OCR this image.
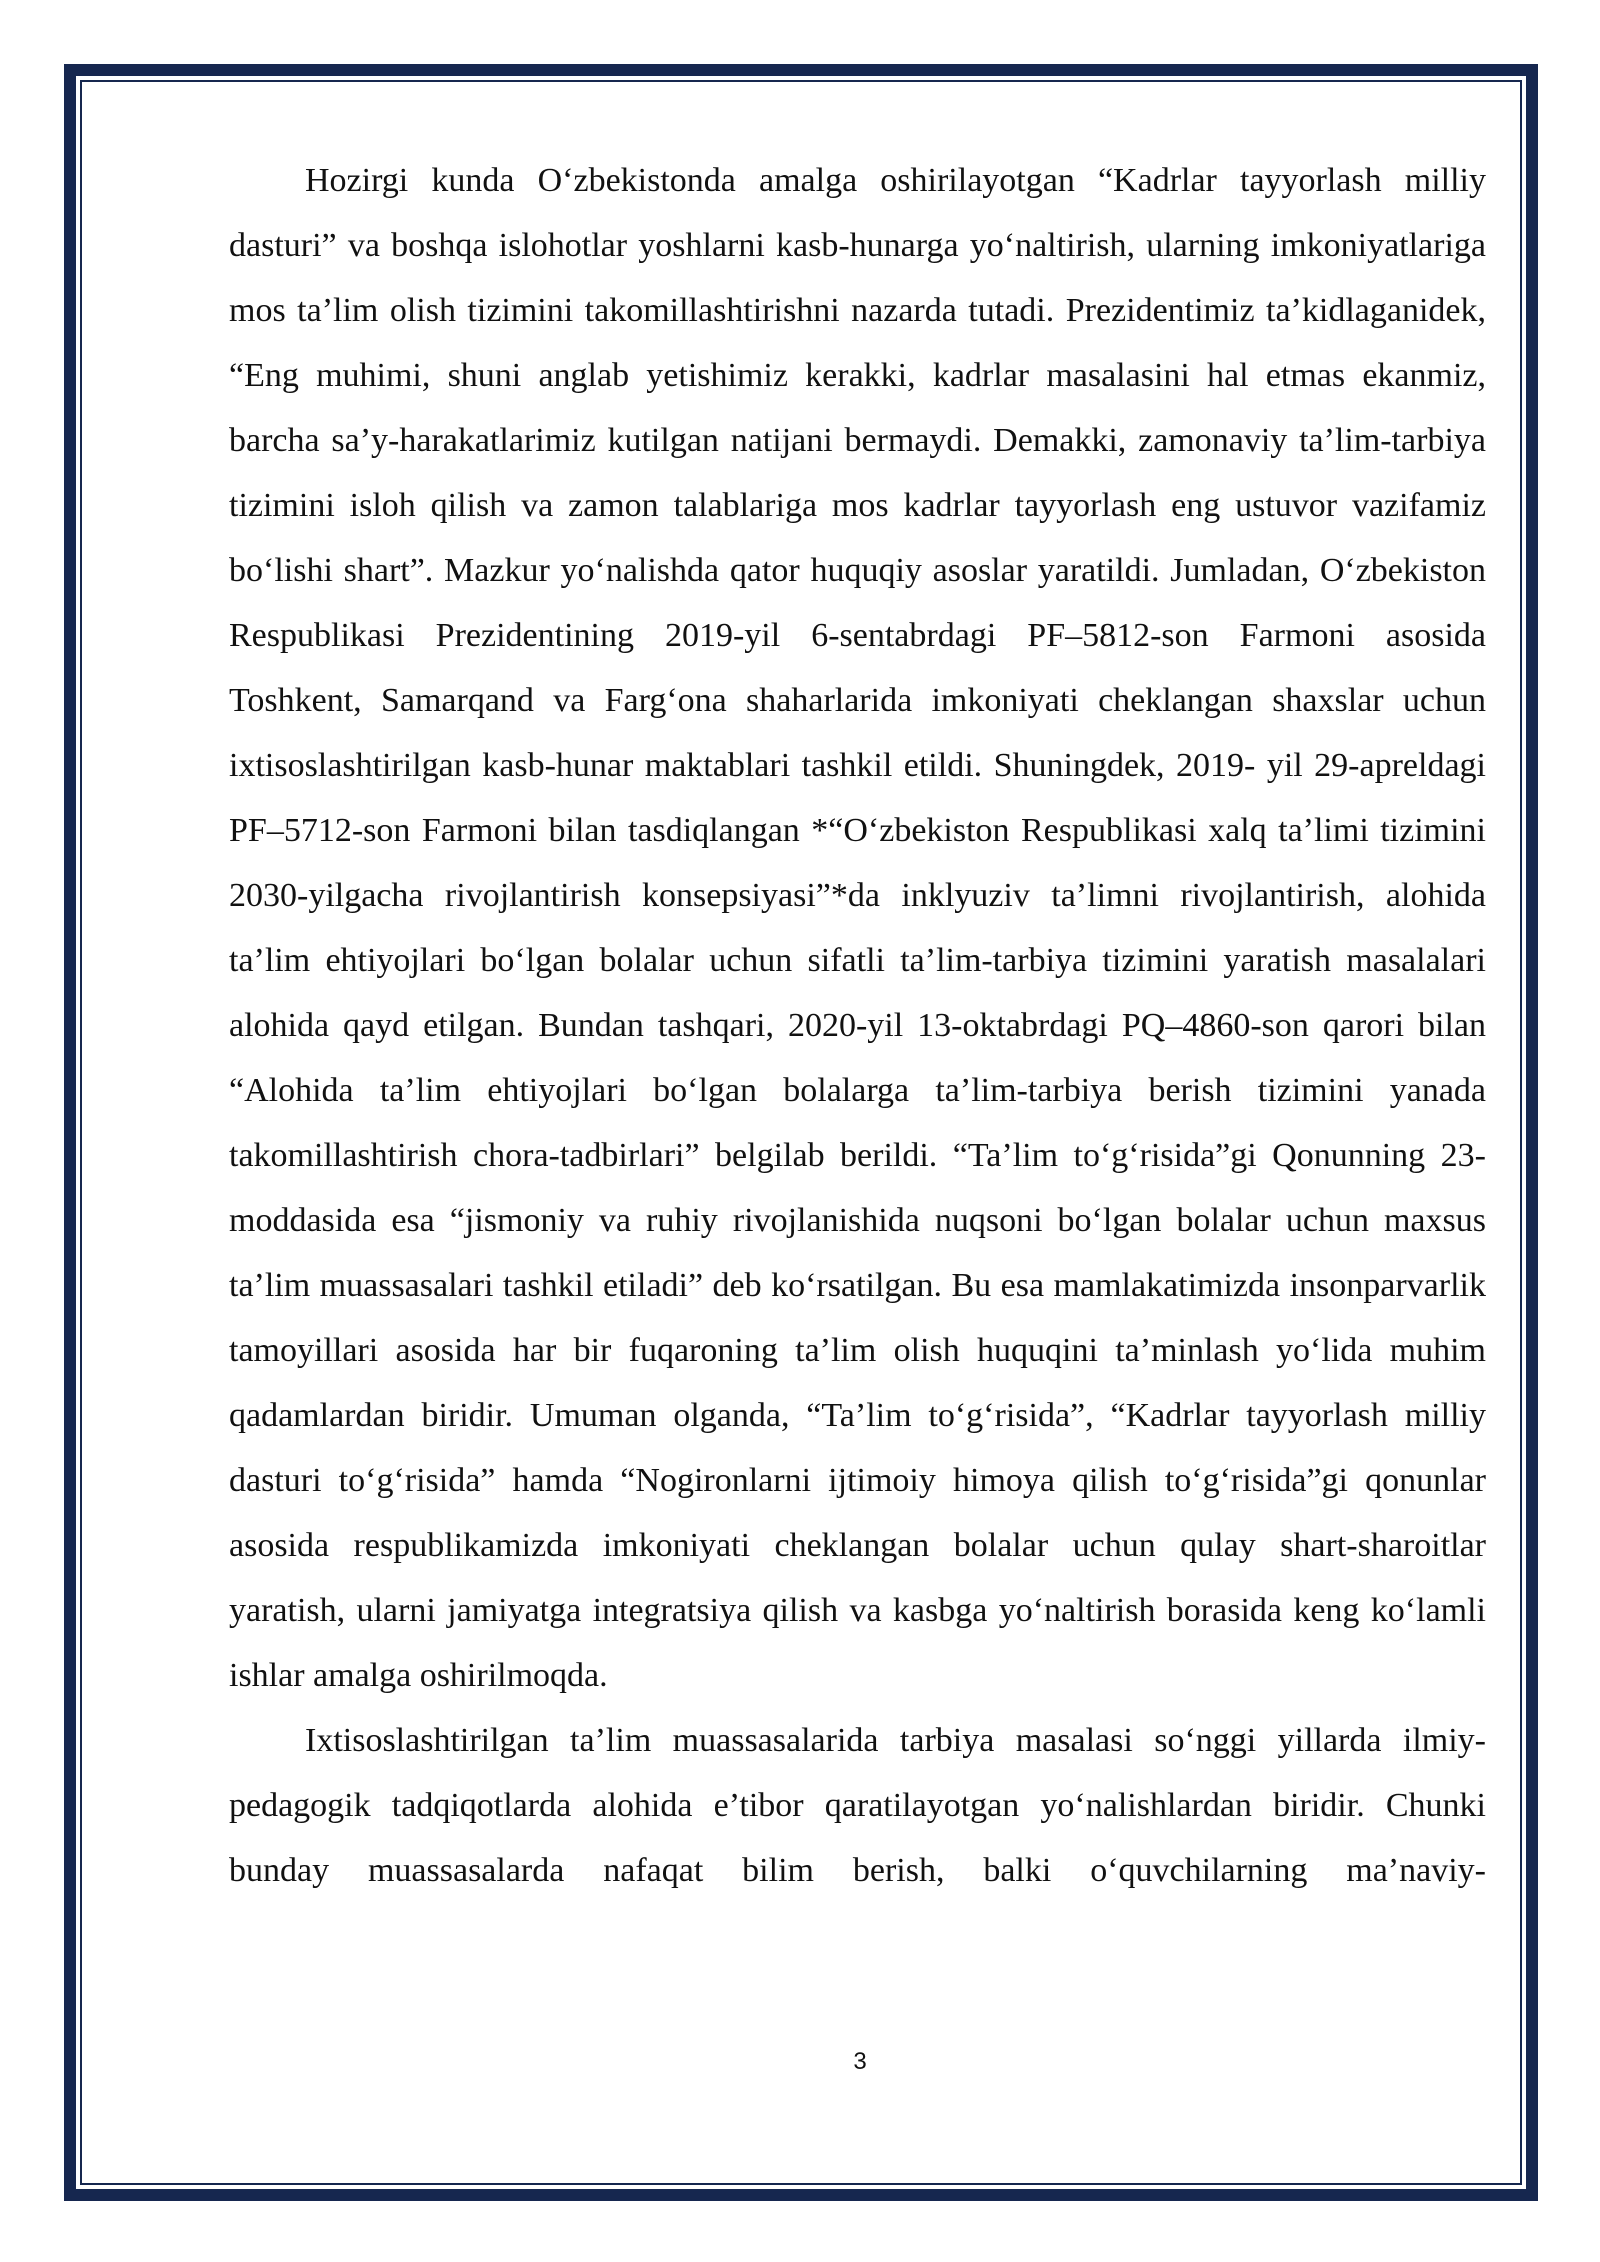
Hozirgi kunda O‘zbekistonda amalga oshirilayotgan “Kadrlar tayyorlash milliy dasturi” va boshqa islohotlar yoshlarni kasb-hunarga yo‘naltirish, ularning imkoniyatlariga mos ta’lim olish tizimini takomillashtirishni nazarda tutadi. Prezidentimiz ta’kidlaganidek, “Eng muhimi, shuni anglab yetishimiz kerakki, kadrlar masalasini hal etmas ekanmiz, barcha sa’y-harakatlarimiz kutilgan natijani bermaydi. Demakki, zamonaviy ta’lim-tarbiya tizimini isloh qilish va zamon talablariga mos kadrlar tayyorlash eng ustuvor vazifamiz bo‘lishi shart”. Mazkur yo‘nalishda qator huquqiy asoslar yaratildi. Jumladan, O‘zbekiston Respublikasi Prezidentining 2019-yil 6-sentabrdagi PF–5812-son Farmoni asosida Toshkent, Samarqand va Farg‘ona shaharlarida imkoniyati cheklangan shaxslar uchun ixtisoslashtirilgan kasb-hunar maktablari tashkil etildi. Shuningdek, 2019- yil 29-apreldagi PF–5712-son Farmoni bilan tasdiqlangan *“O‘zbekiston Respublikasi xalq ta’limi tizimini 2030-yilgacha rivojlantirish konsepsiyasi”*da inklyuziv ta’limni rivojlantirish, alohida ta’lim ehtiyojlari bo‘lgan bolalar uchun sifatli ta’lim-tarbiya tizimini yaratish masalalari alohida qayd etilgan. Bundan tashqari, 2020-yil 13-oktabrdagi PQ–4860-son qarori bilan “Alohida ta’lim ehtiyojlari bo‘lgan bolalarga ta’lim-tarbiya berish tizimini yanada takomillashtirish chora-tadbirlari” belgilab berildi. “Ta’lim to‘g‘risida”gi Qonunning 23-moddasida esa “jismoniy va ruhiy rivojlanishida nuqsoni bo‘lgan bolalar uchun maxsus ta’lim muassasalari tashkil etiladi” deb ko‘rsatilgan. Bu esa mamlakatimizda insonparvarlik tamoyillari asosida har bir fuqaroning ta’lim olish huquqini ta’minlash yo‘lida muhim qadamlardan biridir. Umuman olganda, “Ta’lim to‘g‘risida”, “Kadrlar tayyorlash milliy dasturi to‘g‘risida” hamda “Nogironlarni ijtimoiy himoya qilish to‘g‘risida”gi qonunlar asosida respublikamizda imkoniyati cheklangan bolalar uchun qulay shart-sharoitlar yaratish, ularni jamiyatga integratsiya qilish va kasbga yo‘naltirish borasida keng ko‘lamli ishlar amalga oshirilmoqda.

Ixtisoslashtirilgan ta’lim muassasalarida tarbiya masalasi so‘nggi yillarda ilmiy-pedagogik tadqiqotlarda alohida e’tibor qaratilayotgan yo‘nalishlardan biridir. Chunki bunday muassasalarda nafaqat bilim berish, balki o‘quvchilarning ma’naviy-

3
